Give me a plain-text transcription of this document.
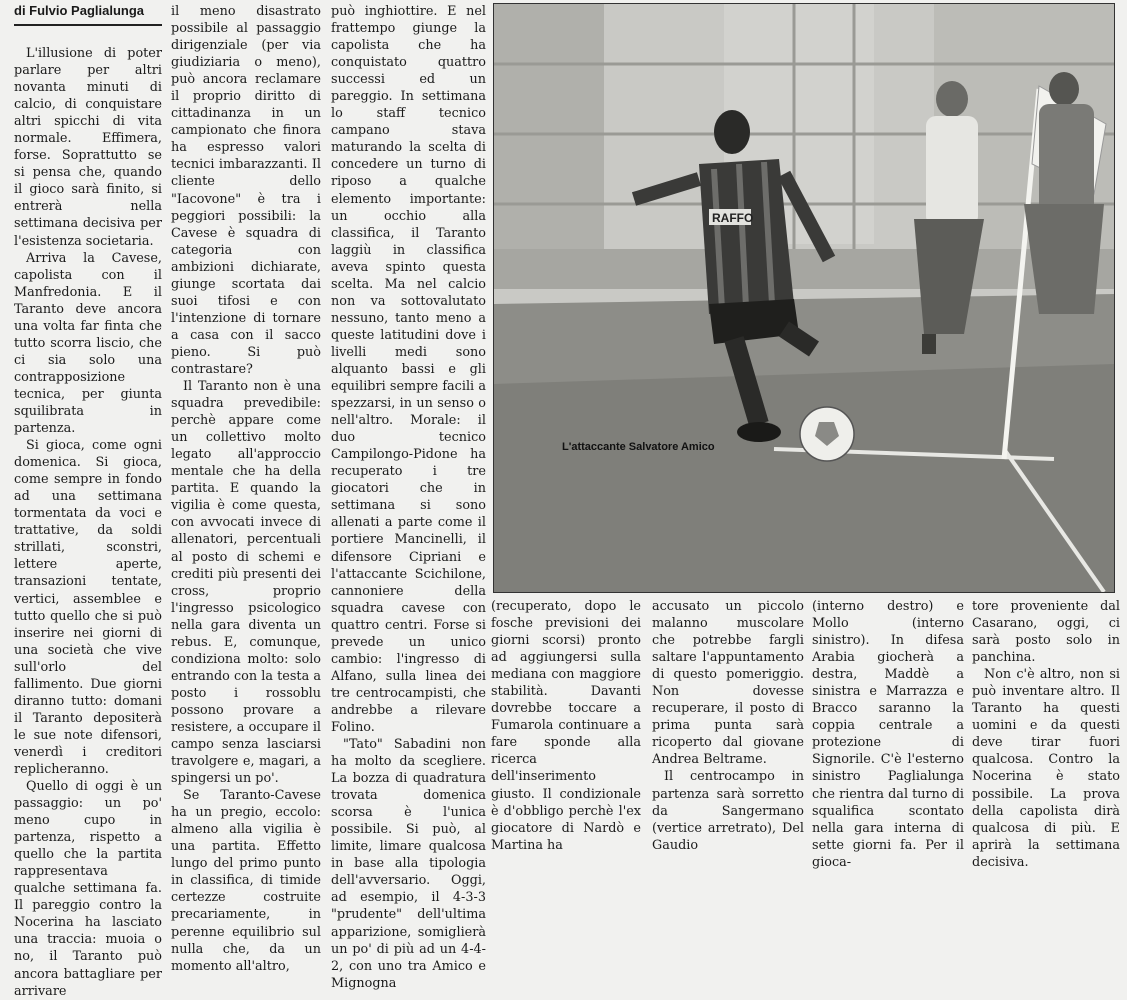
di Fulvio Paglialunga

L'illusione di poter parlare per altri novanta minuti di calcio, di conquistare altri spicchi di vita normale. Effimera, forse. Soprattutto se si pensa che, quando il gioco sarà finito, si entrerà nella settimana decisiva per l'esistenza societaria.

Arriva la Cavese, capolista con il Manfredonia. E il Taranto deve ancora una volta far finta che tutto scorra liscio, che ci sia solo una contrapposizione tecnica, per giunta squilibrata in partenza.

Si gioca, come ogni domenica. Si gioca, come sempre in fondo ad una settimana tormentata da voci e trattative, da soldi strillati, sconstri, lettere aperte, transazioni tentate, vertici, assemblee e tutto quello che si può inserire nei giorni di una società che vive sull'orlo del fallimento. Due giorni diranno tutto: domani il Taranto depositerà le sue note difensori, venerdì i creditori replicheranno.

Quello di oggi è un passaggio: un po' meno cupo in partenza, rispetto a quello che la partita rappresentava qualche settimana fa. Il pareggio contro la Nocerina ha lasciato una traccia: muoia o no, il Taranto può ancora battagliare per arrivare

il meno disastrato possibile al passaggio dirigenziale (per via giudiziaria o meno), può ancora reclamare il proprio diritto di cittadinanza in un campionato che finora ha espresso valori tecnici imbarazzanti. Il cliente dello "Iacovone" è tra i peggiori possibili: la Cavese è squadra di categoria con ambizioni dichiarate, giunge scortata dai suoi tifosi e con l'intenzione di tornare a casa con il sacco pieno. Si può contrastare?

Il Taranto non è una squadra prevedibile: perchè appare come un collettivo molto legato all'approccio mentale che ha della partita. E quando la vigilia è come questa, con avvocati invece di allenatori, percentuali al posto di schemi e crediti più presenti dei cross, proprio l'ingresso psicologico nella gara diventa un rebus. E, comunque, condiziona molto: solo entrando con la testa a posto i rossoblu possono provare a resistere, a occupare il campo senza lasciarsi travolgere e, magari, a spingersi un po'.

Se Taranto-Cavese ha un pregio, eccolo: almeno alla vigilia è una partita. Effetto lungo del primo punto in classifica, di timide certezze costruite precariamente, in perenne equilibrio sul nulla che, da un momento all'altro,

può inghiottire. E nel frattempo giunge la capolista che ha conquistato quattro successi ed un pareggio. In settimana lo staff tecnico campano stava maturando la scelta di concedere un turno di riposo a qualche elemento importante: un occhio alla classifica, il Taranto laggiù in classifica aveva spinto questa scelta. Ma nel calcio non va sottovalutato nessuno, tanto meno a queste latitudini dove i livelli medi sono alquanto bassi e gli equilibri sempre facili a spezzarsi, in un senso o nell'altro. Morale: il duo tecnico Campilongo-Pidone ha recuperato i tre giocatori che in settimana si sono allenati a parte come il portiere Mancinelli, il difensore Cipriani e l'attaccante Scichilone, cannoniere della squadra cavese con quattro centri. Forse si prevede un unico cambio: l'ingresso di Alfano, sulla linea dei tre centrocampisti, che andrebbe a rilevare Folino.

"Tato" Sabadini non ha molto da scegliere. La bozza di quadratura trovata domenica scorsa è l'unica possibile. Si può, al limite, limare qualcosa in base alla tipologia dell'avversario. Oggi, ad esempio, il 4-3-3 "prudente" dell'ultima apparizione, somiglierà un po' di più ad un 4-4-2, con uno tra Amico e Mignogna

RAFFO
L'attaccante Salvatore Amico

(recuperato, dopo le fosche previsioni dei giorni scorsi) pronto ad aggiungersi sulla mediana con maggiore stabilità. Davanti dovrebbe toccare a Fumarola continuare a fare sponde alla ricerca dell'inserimento giusto. Il condizionale è d'obbligo perchè l'ex giocatore di Nardò e Martina ha

accusato un piccolo malanno muscolare che potrebbe fargli saltare l'appuntamento di questo pomeriggio. Non dovesse recuperare, il posto di prima punta sarà ricoperto dal giovane Andrea Beltrame.

Il centrocampo in partenza sarà sorretto da Sangermano (vertice arretrato), Del Gaudio

(interno destro) e Mollo (interno sinistro). In difesa Arabia giocherà a destra, Maddè a sinistra e Marrazza e Bracco saranno la coppia centrale a protezione di Signorile. C'è l'esterno sinistro Paglialunga che rientra dal turno di squalifica scontato nella gara interna di sette giorni fa. Per il gioca-

tore proveniente dal Casarano, oggi, ci sarà posto solo in panchina.

Non c'è altro, non si può inventare altro. Il Taranto ha questi uomini e da questi deve tirar fuori qualcosa. Contro la Nocerina è stato possibile. La prova della capolista dirà qualcosa di più. E aprirà la settimana decisiva.
